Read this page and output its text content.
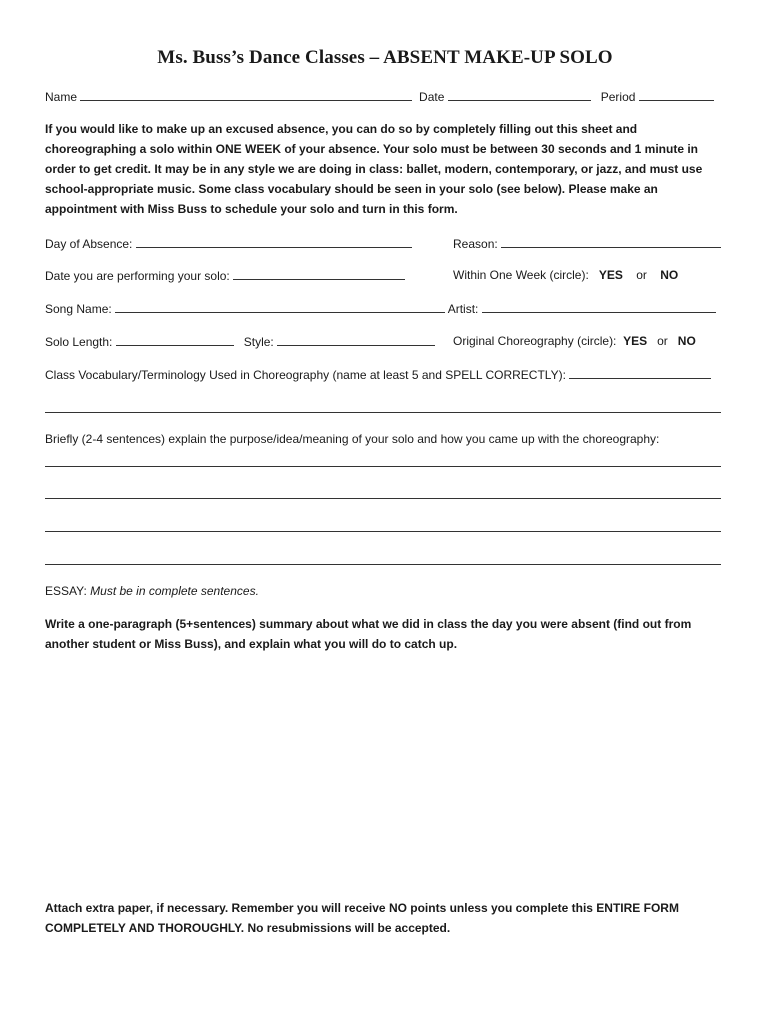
Ms. Buss’s Dance Classes – ABSENT MAKE-UP SOLO
Name	Date	Period
If you would like to make up an excused absence, you can do so by completely filling out this sheet and choreographing a solo within ONE WEEK of your absence. Your solo must be between 30 seconds and 1 minute in order to get credit. It may be in any style we are doing in class: ballet, modern, contemporary, or jazz, and must use school-appropriate music. Some class vocabulary should be seen in your solo (see below). Please make an appointment with Miss Buss to schedule your solo and turn in this form.
Day of Absence:	Reason:
Date you are performing your solo:	Within One Week (circle): YES or NO
Song Name:	Artist:
Solo Length:	Style:	Original Choreography (circle): YES or NO
Class Vocabulary/Terminology Used in Choreography (name at least 5 and SPELL CORRECTLY):
Briefly (2-4 sentences) explain the purpose/idea/meaning of your solo and how you came up with the choreography:
ESSAY: Must be in complete sentences.
Write a one-paragraph (5+sentences) summary about what we did in class the day you were absent (find out from another student or Miss Buss), and explain what you will do to catch up.
Attach extra paper, if necessary. Remember you will receive NO points unless you complete this ENTIRE FORM COMPLETELY AND THOROUGHLY. No resubmissions will be accepted.
